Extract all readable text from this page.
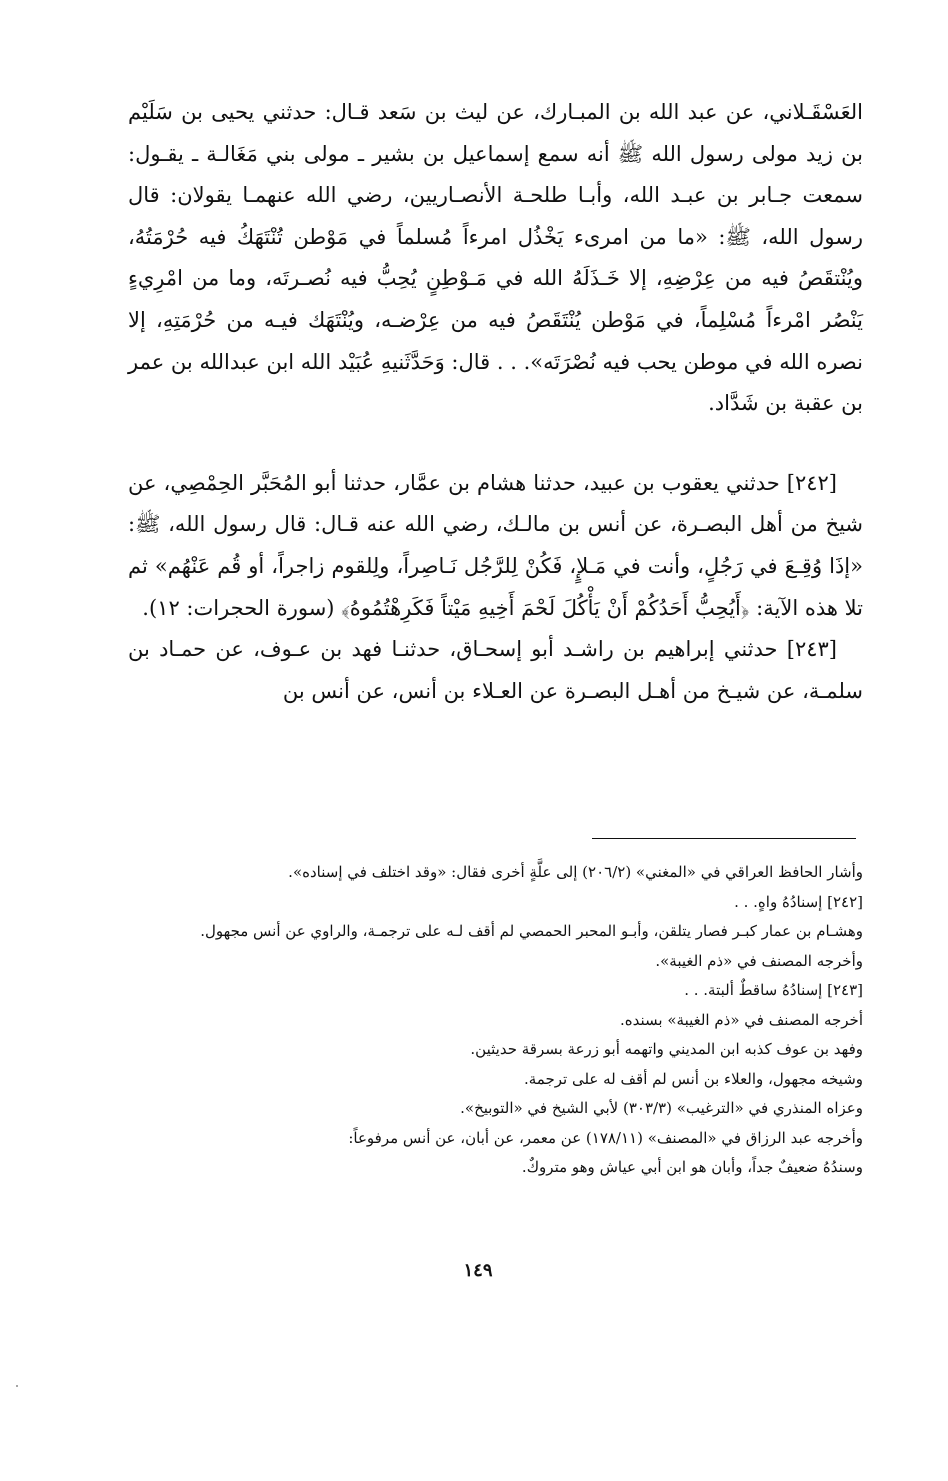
العَسْقَـلاني، عن عبد الله بن المبـارك، عن ليث بن سَعد قـال: حدثني يحيى بن سَلَيْم بن زيد مولى رسول الله ﷺ أنه سمع إسماعيل بن بشير ـ مولى بني مَغَالـة ـ يقـول: سمعت جـابر بن عبـد الله، وأبـا طلحـة الأنصـاريين، رضي الله عنهمـا يقولان: قال رسول الله، ﷺ: «ما من امرىء يَخْذُل امرءاً مُسلماً في مَوْطن تُنْتَهَكُ فيه حُرْمَتُهُ، ويُنْتقَصُ فيه من عِرْضِهِ، إلا خَـذَلَهُ الله في مَـوْطِنٍ يُحِبُّ فيه نُصـرتَه، وما من امْرِيءٍ يَنْصُر امْرءاً مُسْلِماً، في مَوْطن يُنْتَقَصُ فيه من عِرْضـه، ويُنْتَهَك فيـه من حُرْمَتِهِ، إلا نصره الله في موطن يحب فيه نُصْرَتَه». . . قال: وَحَدَّثَنيهِ عُبَيْد الله ابن عبدالله بن عمر بن عقبة بن شَدَّاد.

[٢٤٢] حدثني يعقوب بن عبيد، حدثنا هشام بن عمَّار، حدثنا أبو المُحَبَّر الحِمْصِي، عن شيخ من أهل البصـرة، عن أنس بن مالـك، رضي الله عنه قـال: قال رسول الله، ﷺ: «إذَا وُقِـعَ في رَجُلٍ، وأنت في مَـلإٍ، فَكُنْ لِلرَّجُل نَـاصِراً، ولِلقوم زاجراً، أو قُم عَنْهُم» ثم تلا هذه الآية: ﴿أَيُحِبُّ أَحَدُكُمْ أَنْ يَأْكُلَ لَحْمَ أَخِيهِ مَيْتاً فَكَرِهْتُمُوهُ﴾ (سورة الحجرات: ١٢).

[٢٤٣] حدثني إبراهيم بن راشـد أبو إسحـاق، حدثنـا فهد بن عـوف، عن حمـاد بن سلمـة، عن شيـخ من أهـل البصـرة عن العـلاء بن أنس، عن أنس بن

وأشار الحافظ العراقي في «المغني» (٢٠٦/٢) إلى علَّةٍ أخرى فقال: «وقد اختلف في إسناده».

[٢٤٢] إسنادُهُ واهٍ. . .

وهشـام بن عمار كبـر فصار يتلقن، وأبـو المحبر الحمصي لم أقف لـه على ترجمـة، والراوي عن أنس مجهول.

وأخرجه المصنف في «ذم الغيبة».

[٢٤٣] إسنادُهُ ساقطٌ ألبتة. . .

أخرجه المصنف في «ذم الغيبة» بسنده.

وفهد بن عوف كذبه ابن المديني واتهمه أبو زرعة بسرقة حديثين.

وشيخه مجهول، والعلاء بن أنس لم أقف له على ترجمة.

وعزاه المنذري في «الترغيب» (٣٠٣/٣) لأبي الشيخ في «التوبيخ».

وأخرجه عبد الرزاق في «المصنف» (١٧٨/١١) عن معمر، عن أبان، عن أنس مرفوعاً:

وسندُهُ ضعيفٌ جداً، وأبان هو ابن أبي عياش وهو متروكٌ.

١٤٩
